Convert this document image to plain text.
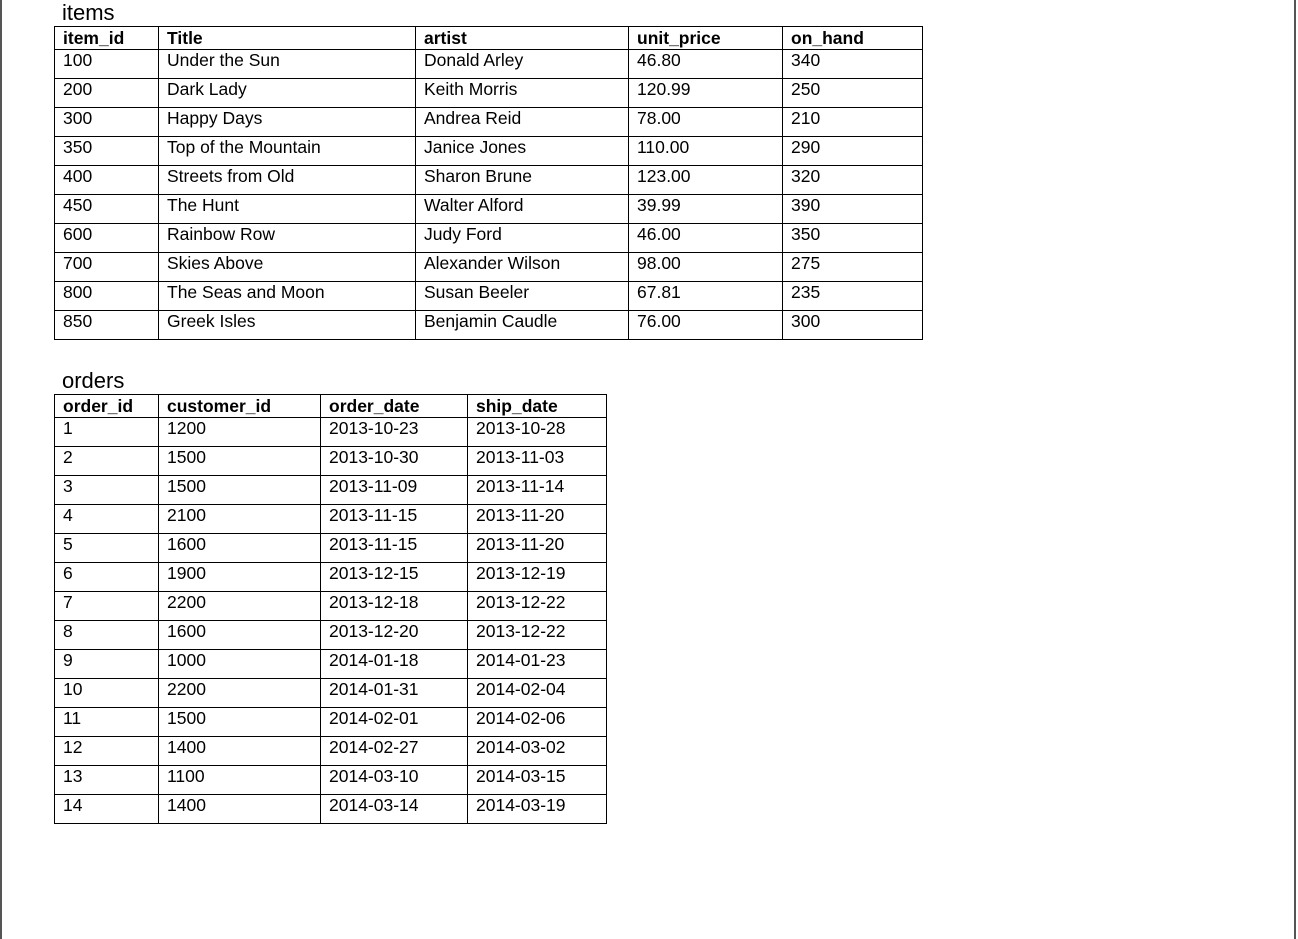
items
item_id	Title	artist	unit_price	on_hand
100	Under the Sun	Donald Arley	46.80	340
200	Dark Lady	Keith Morris	120.99	250
300	Happy Days	Andrea Reid	78.00	210
350	Top of the Mountain	Janice Jones	110.00	290
400	Streets from Old	Sharon Brune	123.00	320
450	The Hunt	Walter Alford	39.99	390
600	Rainbow Row	Judy Ford	46.00	350
700	Skies Above	Alexander Wilson	98.00	275
800	The Seas and Moon	Susan Beeler	67.81	235
850	Greek Isles	Benjamin Caudle	76.00	300
orders
order_id	customer_id	order_date	ship_date
1	1200	2013-10-23	2013-10-28
2	1500	2013-10-30	2013-11-03
3	1500	2013-11-09	2013-11-14
4	2100	2013-11-15	2013-11-20
5	1600	2013-11-15	2013-11-20
6	1900	2013-12-15	2013-12-19
7	2200	2013-12-18	2013-12-22
8	1600	2013-12-20	2013-12-22
9	1000	2014-01-18	2014-01-23
10	2200	2014-01-31	2014-02-04
11	1500	2014-02-01	2014-02-06
12	1400	2014-02-27	2014-03-02
13	1100	2014-03-10	2014-03-15
14	1400	2014-03-14	2014-03-19
